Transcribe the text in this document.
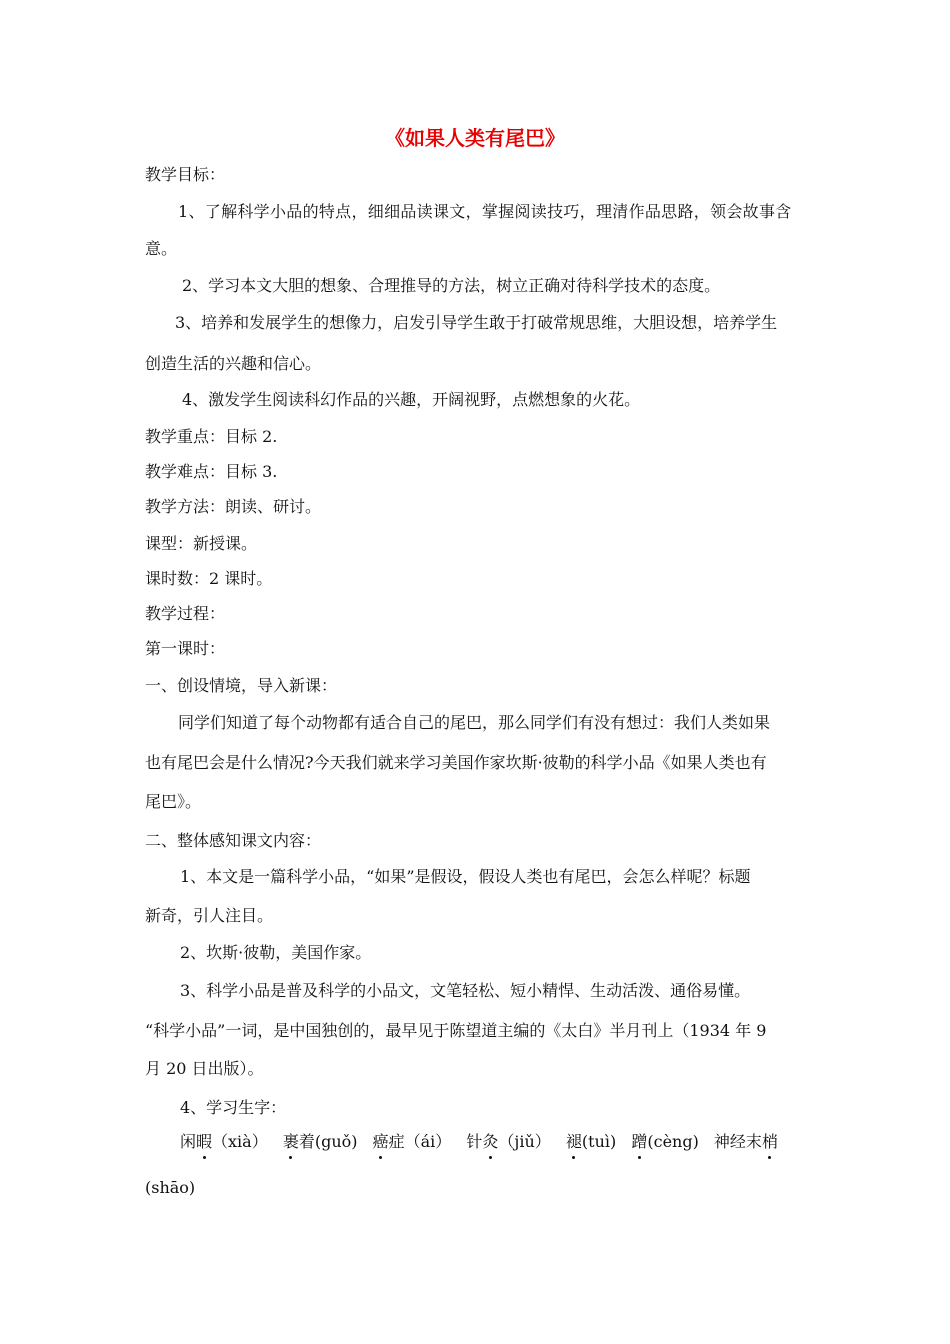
《如果人类有尾巴》
教学目标：
1、了解科学小品的特点，细细品读课文，掌握阅读技巧，理清作品思路，领会故事含
意。
2、学习本文大胆的想象、合理推导的方法，树立正确对待科学技术的态度。
3、培养和发展学生的想像力，启发引导学生敢于打破常规思维，大胆设想，培养学生
创造生活的兴趣和信心。
4、激发学生阅读科幻作品的兴趣，开阔视野，点燃想象的火花。
教学重点：目标 2.
教学难点：目标 3.
教学方法：朗读、研讨。
课型：新授课。
课时数：2 课时。
教学过程：
第一课时：
一、创设情境，导入新课：
同学们知道了每个动物都有适合自己的尾巴，那么同学们有没有想过：我们人类如果
也有尾巴会是什么情况?今天我们就来学习美国作家坎斯·彼勒的科学小品《如果人类也有
尾巴》。
二、整体感知课文内容：
1、本文是一篇科学小品，“如果”是假设，假设人类也有尾巴，会怎么样呢？标题
新奇，引人注目。
2、坎斯·彼勒，美国作家。
3、科学小品是普及科学的小品文，文笔轻松、短小精悍、生动活泼、通俗易懂。
“科学小品”一词，是中国独创的，最早见于陈望道主编的《太白》半月刊上（1934 年 9
月 20 日出版）。
4、学习生字：
闲暇（xià） 裹着(guǒ) 癌症（ái） 针灸（jiǔ） 褪(tuì) 蹭(cèng) 神经末梢
(shāo)
